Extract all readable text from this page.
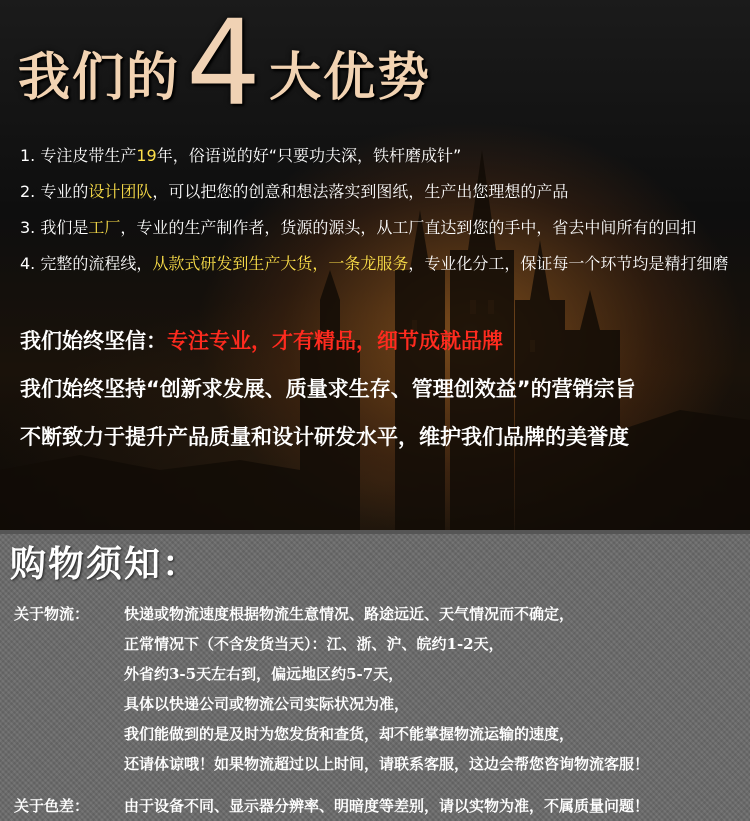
我们的 4 大优势
1. 专注皮带生产19年，俗语说的好“只要功夫深，铁杆磨成针”
2. 专业的设计团队，可以把您的创意和想法落实到图纸，生产出您理想的产品
3. 我们是工厂，专业的生产制作者，货源的源头，从工厂直达到您的手中，省去中间所有的回扣
4. 完整的流程线，从款式研发到生产大货，一条龙服务，专业化分工，保证每一个环节均是精打细磨
我们始终坚信：专注专业，才有精品，细节成就品牌
我们始终坚持“创新求发展、质量求生存、管理创效益”的营销宗旨
不断致力于提升产品质量和设计研发水平，维护我们品牌的美誉度
购物须知：
关于物流： 快递或物流速度根据物流生意情况、路途远近、天气情况而不确定，
正常情况下（不含发货当天）：江、浙、沪、皖约1-2天，
外省约3-5天左右到，偏远地区约5-7天，
具体以快递公司或物流公司实际状况为准，
我们能做到的是及时为您发货和查货，却不能掌握物流运输的速度，
还请体谅哦！如果物流超过以上时间，请联系客服，这边会帮您咨询物流客服！
关于色差： 由于设备不同、显示器分辨率、明暗度等差别，请以实物为准，不属质量问题！
